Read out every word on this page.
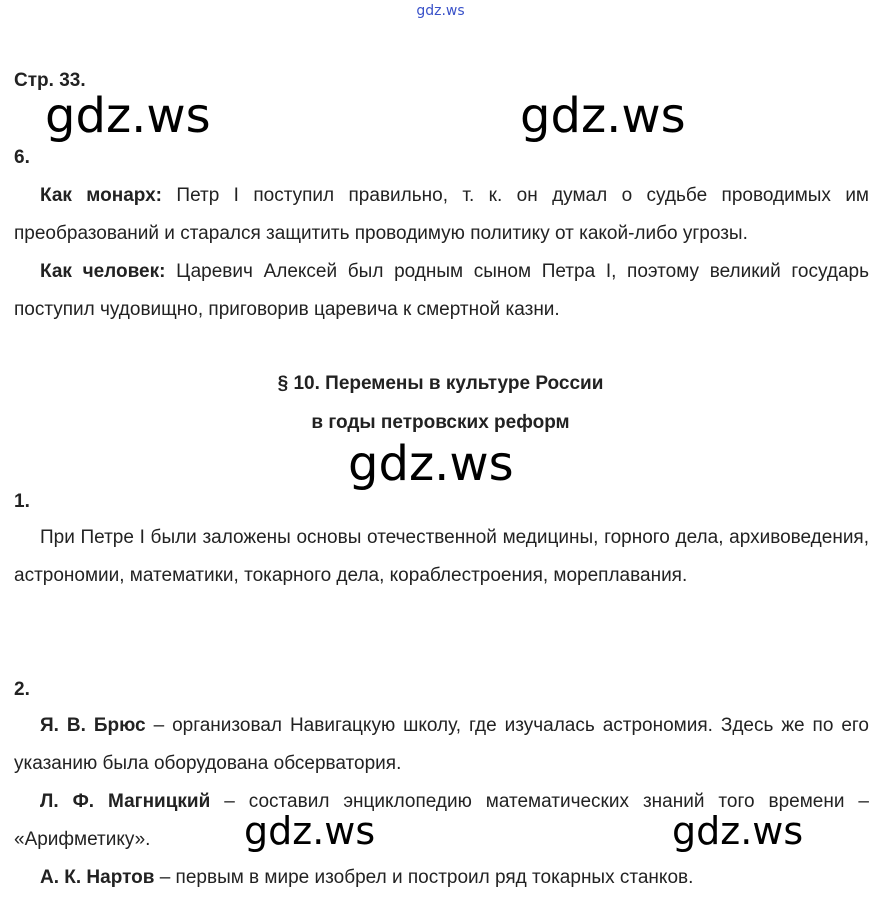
gdz.ws
Стр. 33.
gdz.ws	gdz.ws
6.

Как монарх: Петр I поступил правильно, т. к. он думал о судьбе проводимых им преобразований и старался защитить проводимую политику от какой-либо угрозы.

Как человек: Царевич Алексей был родным сыном Петра I, поэтому великий государь поступил чудовищно, приговорив царевича к смертной казни.

§ 10. Перемены в культуре России
в годы петровских реформ
gdz.ws
1.

При Петре I были заложены основы отечественной медицины, горного дела, архивоведения, астрономии, математики, токарного дела, кораблестроения, мореплавания.

2.

Я. В. Брюс – организовал Навигацкую школу, где изучалась астрономия. Здесь же по его указанию была оборудована обсерватория.

Л. Ф. Магницкий – составил энциклопедию математических знаний того времени – «Арифметику».	gdz.ws	gdz.ws

А. К. Нартов – первым в мире изобрел и построил ряд токарных станков.
